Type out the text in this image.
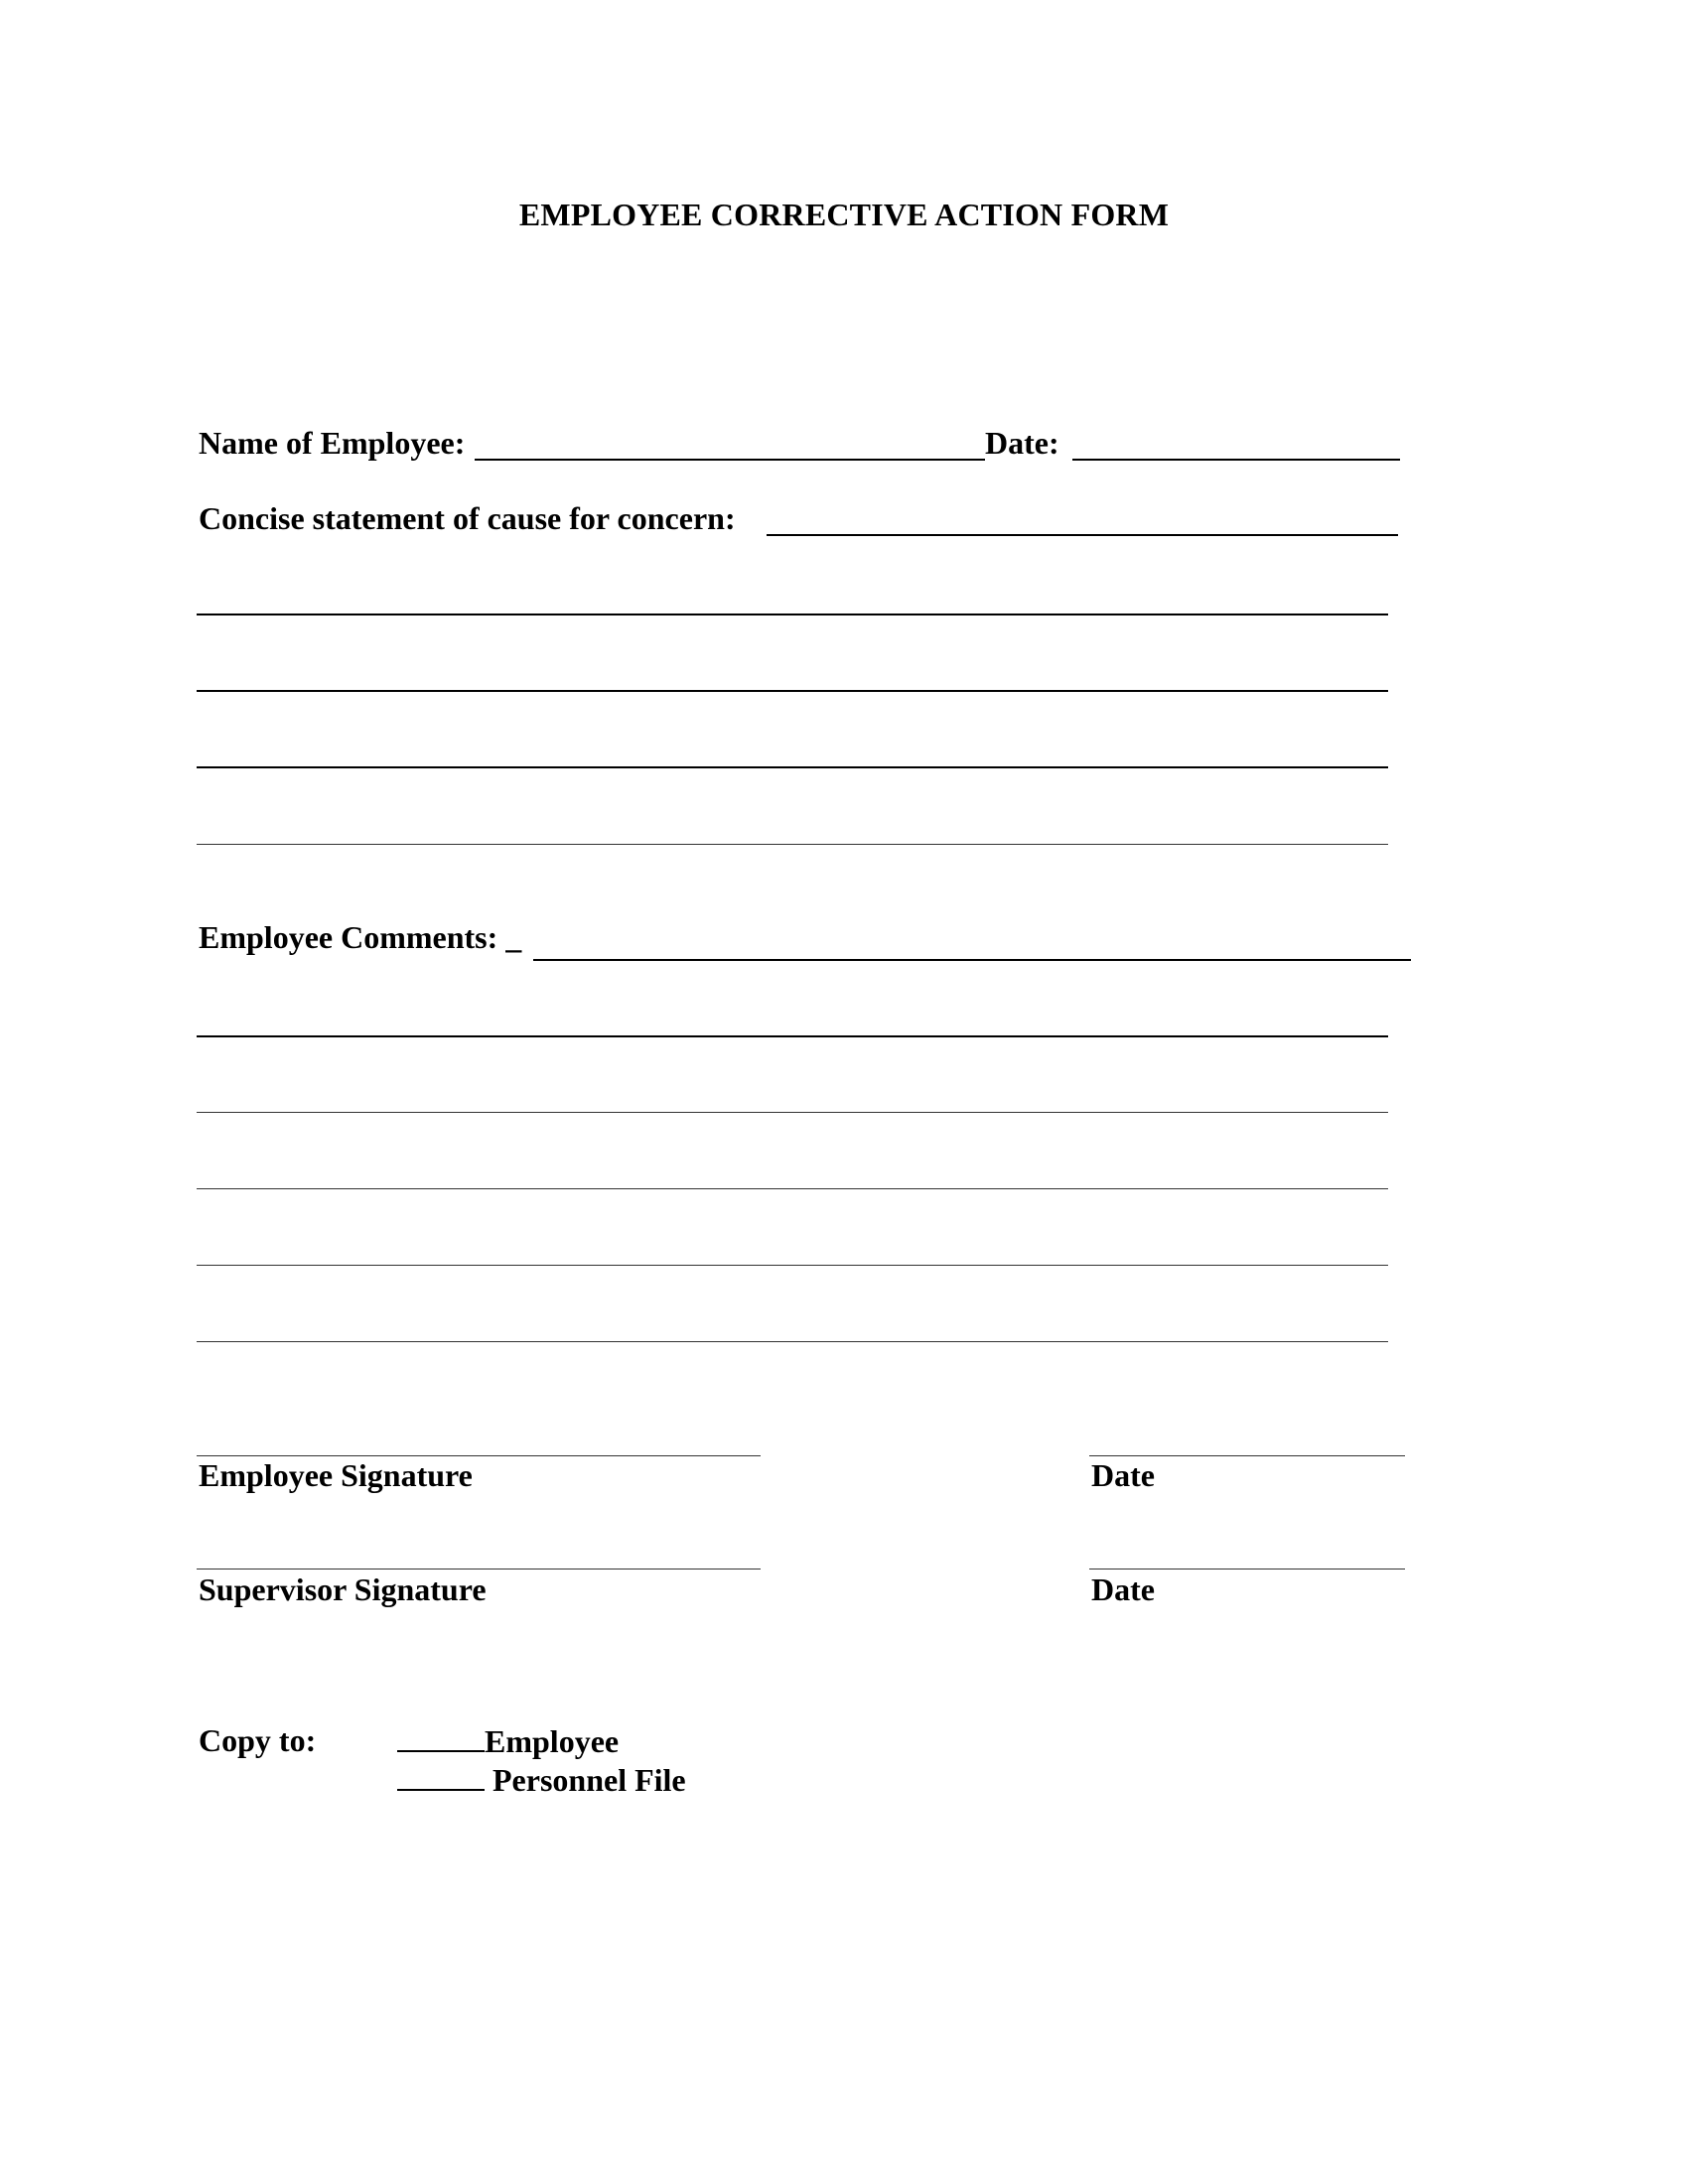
EMPLOYEE CORRECTIVE ACTION FORM
Name of Employee:	Date:
Concise statement of cause for concern:
Employee Comments: _
Employee Signature	Date
Supervisor Signature	Date
Copy to:	Employee
Personnel File
